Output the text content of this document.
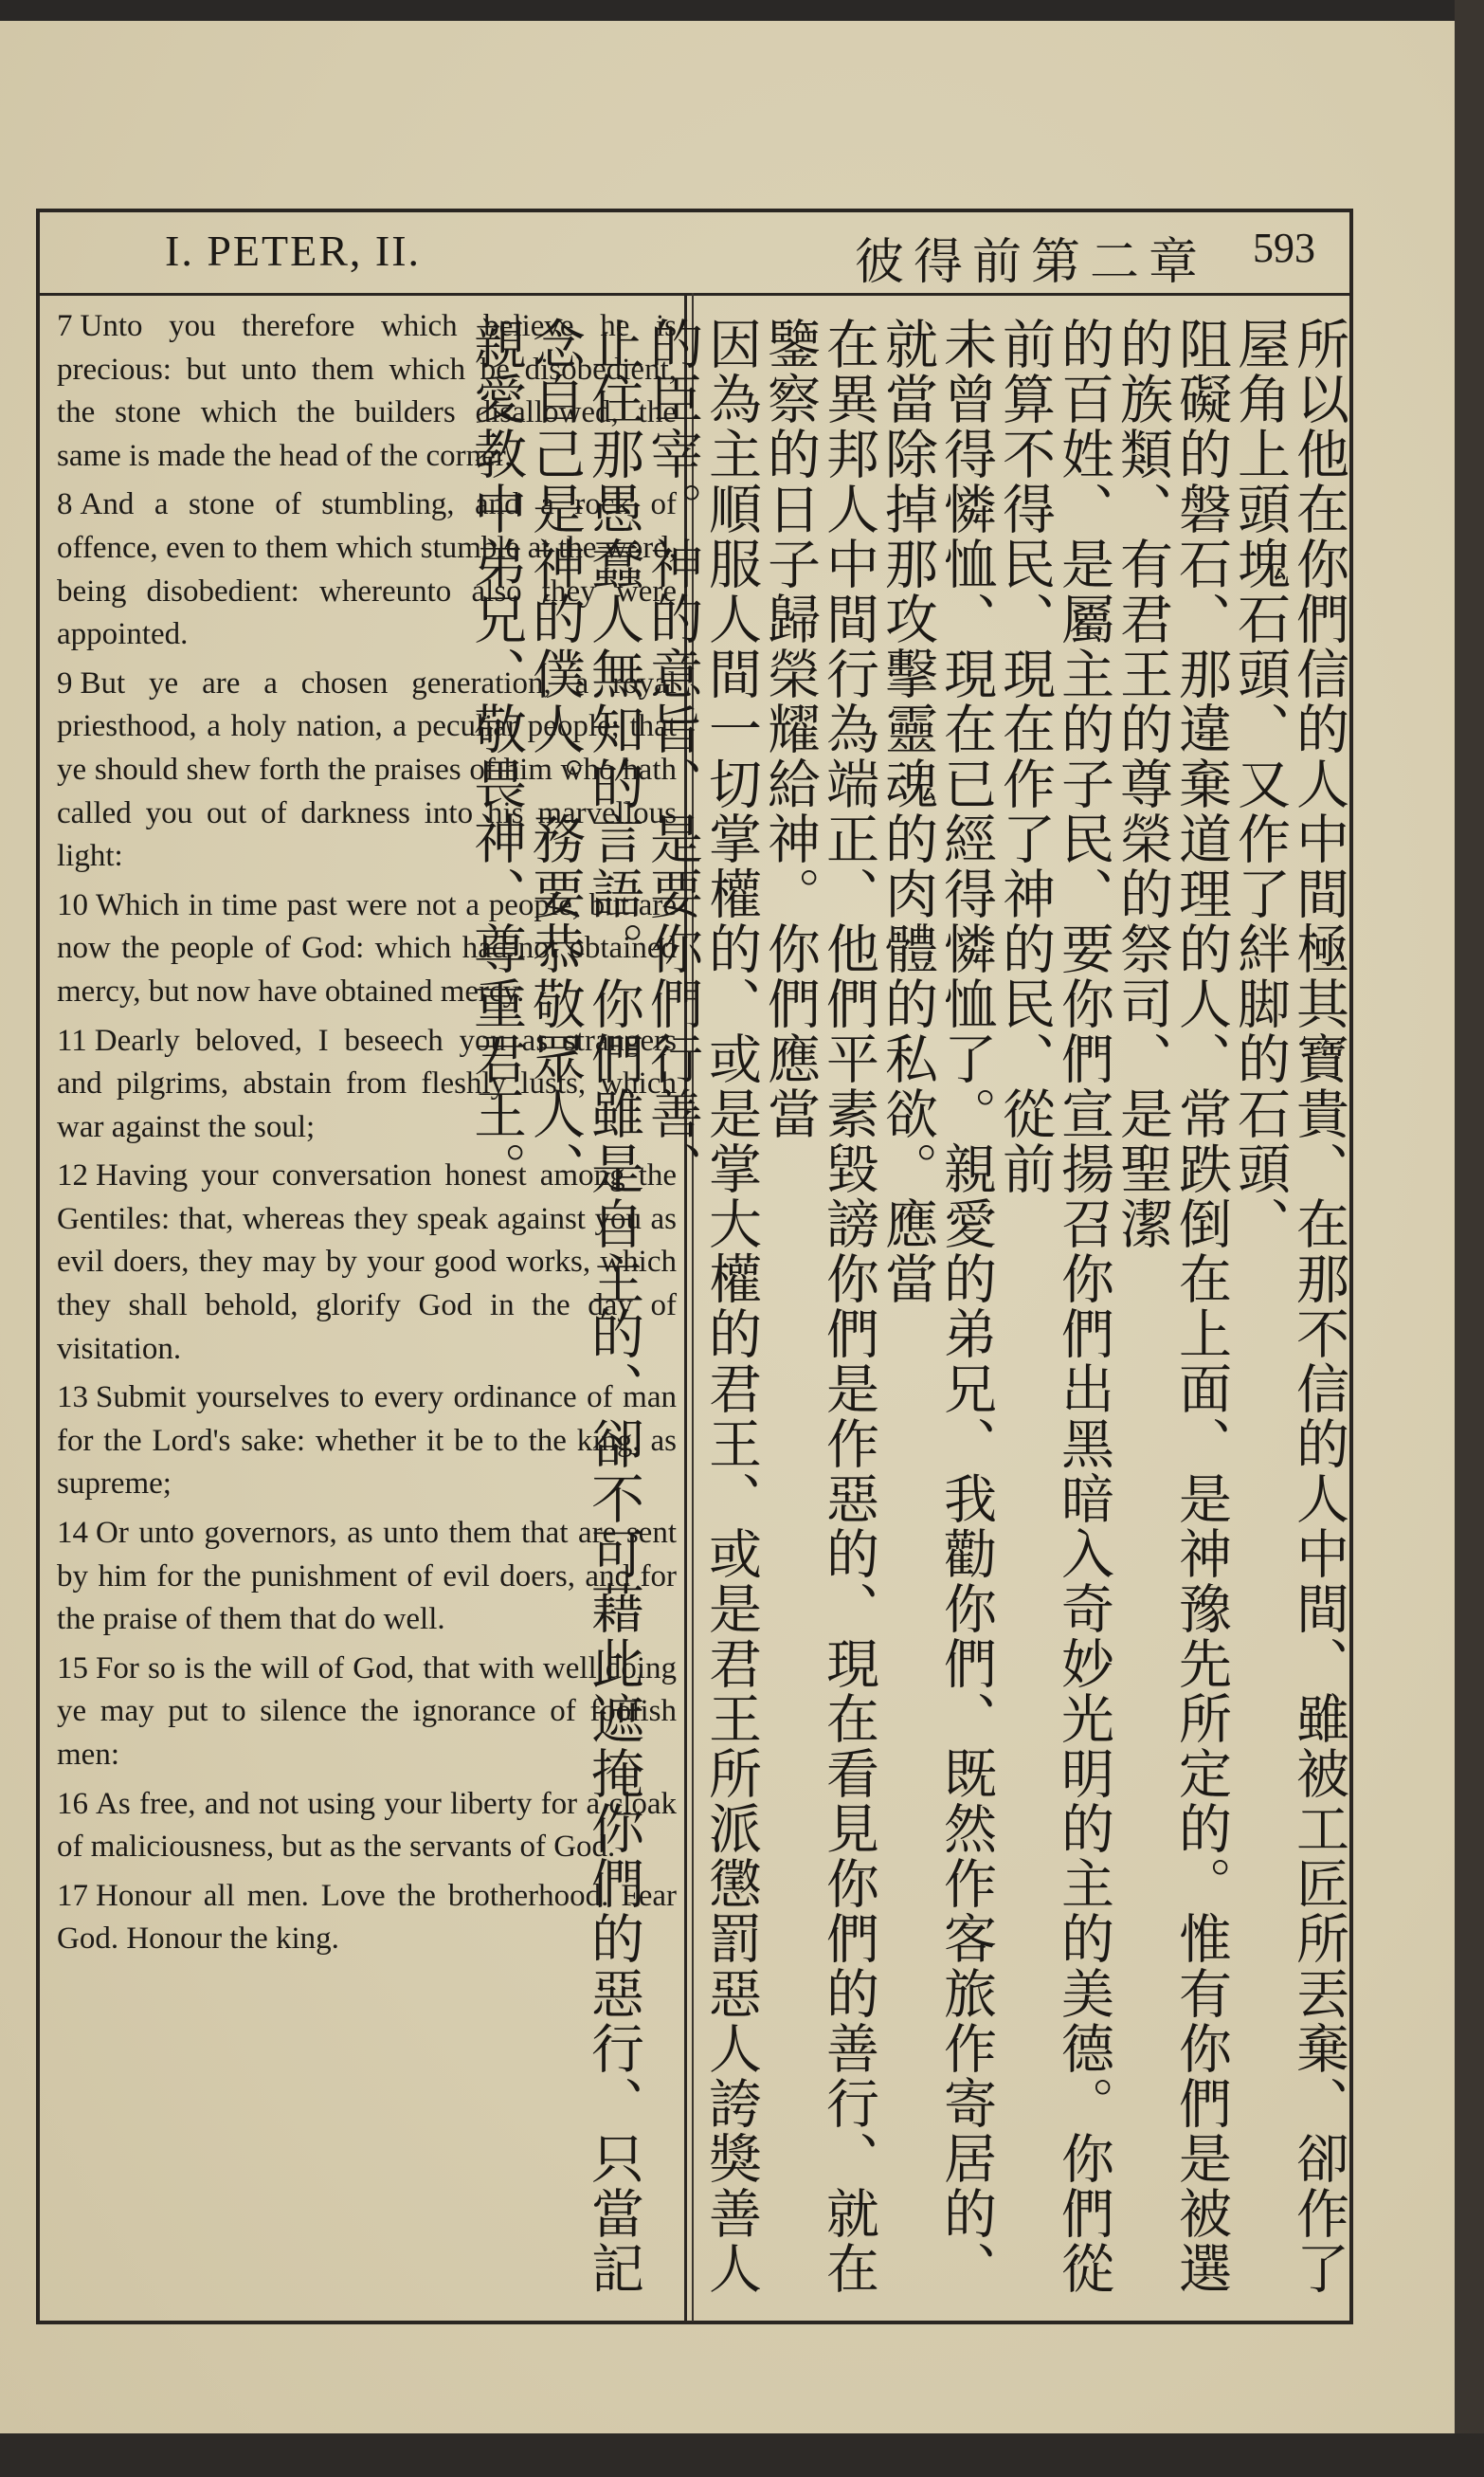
I. PETER, II.	彼得前第二章 593

7 Unto you therefore which believe he is precious: but unto them which be disobedient, the stone which the builders disallowed, the same is made the head of the corner,

8 And a stone of stumbling, and a rock of offence, even to them which stumble at the word, being disobedient: whereunto also they were appointed.

9 But ye are a chosen generation, a royal priesthood, a holy nation, a peculiar people; that ye should shew forth the praises of him who hath called you out of darkness into his marvellous light:

10 Which in time past were not a people, but are now the people of God: which had not obtained mercy, but now have obtained mercy.

11 Dearly beloved, I beseech you as strangers and pilgrims, abstain from fleshly lusts, which war against the soul;

12 Having your conversation honest among the Gentiles: that, whereas they speak against you as evil doers, they may by your good works, which they shall behold, glorify God in the day of visitation.

13 Submit yourselves to every ordinance of man for the Lord's sake: whether it be to the king, as supreme;

14 Or unto governors, as unto them that are sent by him for the punishment of evil doers, and for the praise of them that do well.

15 For so is the will of God, that with well doing ye may put to silence the ignorance of foolish men:

16 As free, and not using your liberty for a cloak of maliciousness, but as the servants of God.

17 Honour all men. Love the brotherhood. Fear God. Honour the king.	所以他在你們信的人中間極其寶貴、在那不信的人中間、雖被工匠所丟棄、卻作了屋角上頭塊石頭、又作了絆脚的石頭、

阻礙的磐石、那違棄道理的人、常跌倒在上面、是神豫先所定的。惟有你們是被選的族類、有君王的尊榮的祭司、是聖潔

的百姓、是屬主的子民、要你們宣揚召你們出黑暗入奇妙光明的主的美德。你們從前算不得民、現在作了神的民、從前

未曾得憐恤、現在已經得憐恤了。親愛的弟兄、我勸你們、既然作客旅作寄居的、就當除掉那攻擊靈魂的肉體的私欲。應當

在異邦人中間行為端正、他們平素毀謗你們是作惡的、現在看見你們的善行、就在鑒察的日子歸榮耀給神。你們應當

因為主順服人間一切掌權的、或是掌大權的君王、或是君王所派懲罰惡人誇獎善人的臣宰。神的意旨、是要你們行善、

止住那愚蠢人無知的言語。你們雖是自主的、卻不可藉此遮掩你們的惡行、只當記念自己是神的僕人。務要恭敬眾人、

親愛教中弟兄、敬畏神、尊重君王。
